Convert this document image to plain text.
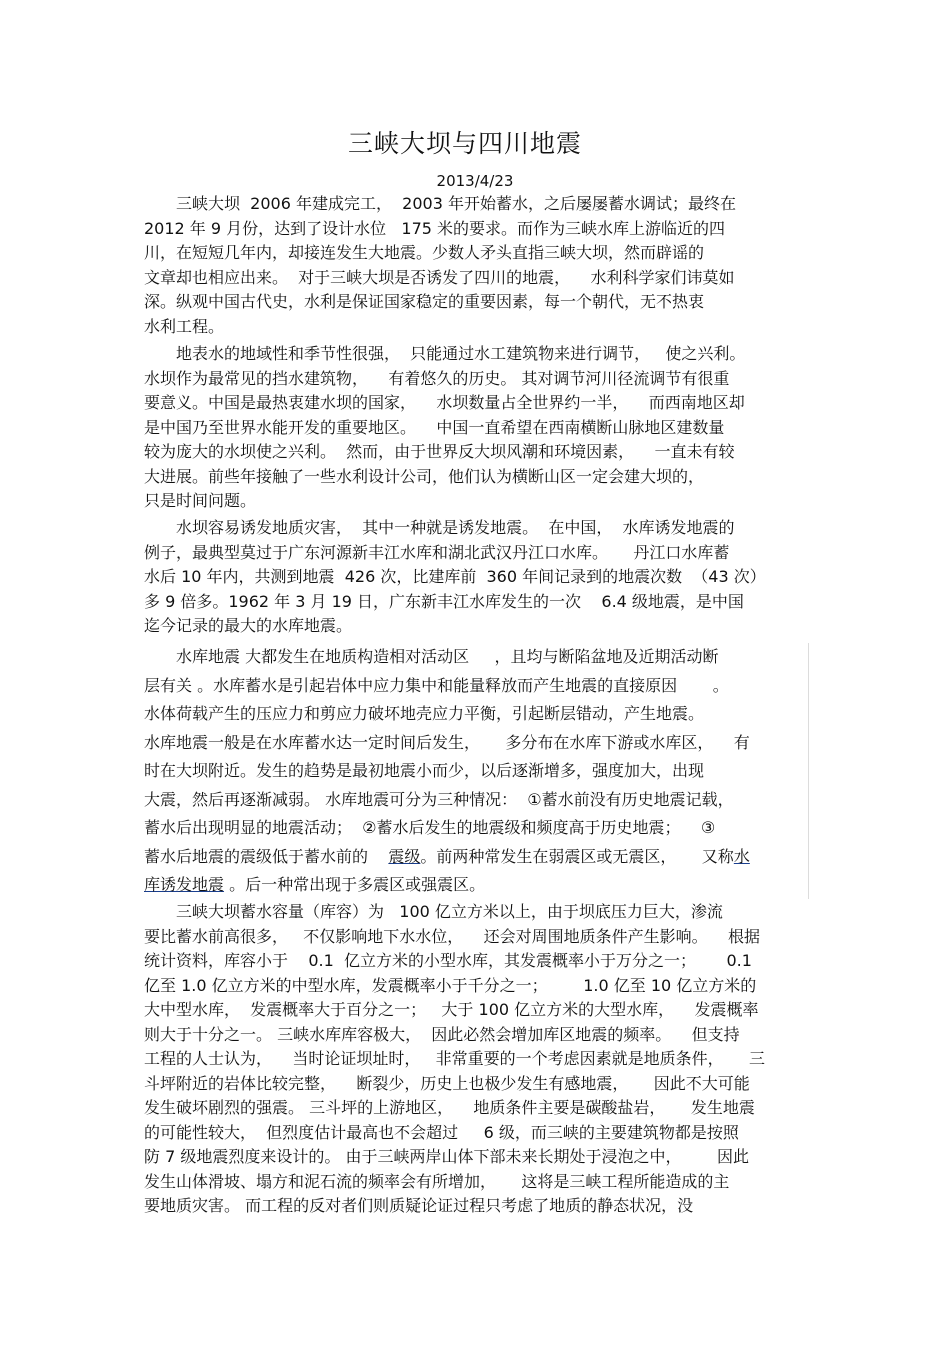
三峡大坝与四川地震
2013/4/23
　　三峡大坝  2006 年建成完工，  2003 年开始蓄水，之后屡屡蓄水调试；最终在
2012 年 9 月份，达到了设计水位   175 米的要求。而作为三峡水库上游临近的四
川，在短短几年内，却接连发生大地震。少数人矛头直指三峡大坝，然而辟谣的
文章却也相应出来。  对于三峡大坝是否诱发了四川的地震，    水利科学家们讳莫如
深。纵观中国古代史，水利是保证国家稳定的重要因素，每一个朝代，无不热衷
水利工程。
　　地表水的地域性和季节性很强，  只能通过水工建筑物来进行调节，   使之兴利。
水坝作为最常见的挡水建筑物，    有着悠久的历史。 其对调节河川径流调节有很重
要意义。中国是最热衷建水坝的国家，    水坝数量占全世界约一半，    而西南地区却
是中国乃至世界水能开发的重要地区。    中国一直希望在西南横断山脉地区建数量
较为庞大的水坝使之兴利。  然而，由于世界反大坝风潮和环境因素，    一直未有较
大进展。前些年接触了一些水利设计公司，他们认为横断山区一定会建大坝的，
只是时间问题。
　　水坝容易诱发地质灾害，  其中一种就是诱发地震。  在中国，  水库诱发地震的
例子，最典型莫过于广东河源新丰江水库和湖北武汉丹江口水库。     丹江口水库蓄
水后 10 年内，共测到地震  426 次，比建库前  360 年间记录到的地震次数  （43 次）
多 9 倍多。1962 年 3 月 19 日，广东新丰江水库发生的一次    6.4 级地震，是中国
迄今记录的最大的水库地震。
　　水库地震 大都发生在地质构造相对活动区     ，且均与断陷盆地及近期活动断
层有关 。水库蓄水是引起岩体中应力集中和能量释放而产生地震的直接原因       。
水体荷载产生的压应力和剪应力破坏地壳应力平衡，引起断层错动，产生地震。
水库地震一般是在水库蓄水达一定时间后发生，     多分布在水库下游或水库区，    有
时在大坝附近。发生的趋势是最初地震小而少，以后逐渐增多，强度加大，出现
大震，然后再逐渐减弱。 水库地震可分为三种情况：  ①蓄水前没有历史地震记载，
蓄水后出现明显的地震活动；  ②蓄水后发生的地震级和频度高于历史地震；    ③
蓄水后地震的震级低于蓄水前的    震级。前两种常发生在弱震区或无震区，     又称水
库诱发地震 。后一种常出现于多震区或强震区。
　　三峡大坝蓄水容量（库容）为   100 亿立方米以上，由于坝底压力巨大，渗流
要比蓄水前高很多，   不仅影响地下水水位，    还会对周围地质条件产生影响。    根据
统计资料，库容小于    0.1  亿立方米的小型水库，其发震概率小于万分之一；      0.1
亿至 1.0 亿立方米的中型水库，发震概率小于千分之一；       1.0 亿至 10 亿立方米的
大中型水库，  发震概率大于百分之一；   大于 100 亿立方米的大型水库，    发震概率
则大于十分之一。 三峡水库库容极大，  因此必然会增加库区地震的频率。    但支持
工程的人士认为，    当时论证坝址时，   非常重要的一个考虑因素就是地质条件，     三
斗坪附近的岩体比较完整，    断裂少，历史上也极少发生有感地震，     因此不大可能
发生破坏剧烈的强震。 三斗坪的上游地区，    地质条件主要是碳酸盐岩，     发生地震
的可能性较大，  但烈度估计最高也不会超过     6 级，而三峡的主要建筑物都是按照
防 7 级地震烈度来设计的。 由于三峡两岸山体下部未来长期处于浸泡之中，       因此
发生山体滑坡、塌方和泥石流的频率会有所增加，     这将是三峡工程所能造成的主
要地质灾害。 而工程的反对者们则质疑论证过程只考虑了地质的静态状况，没
